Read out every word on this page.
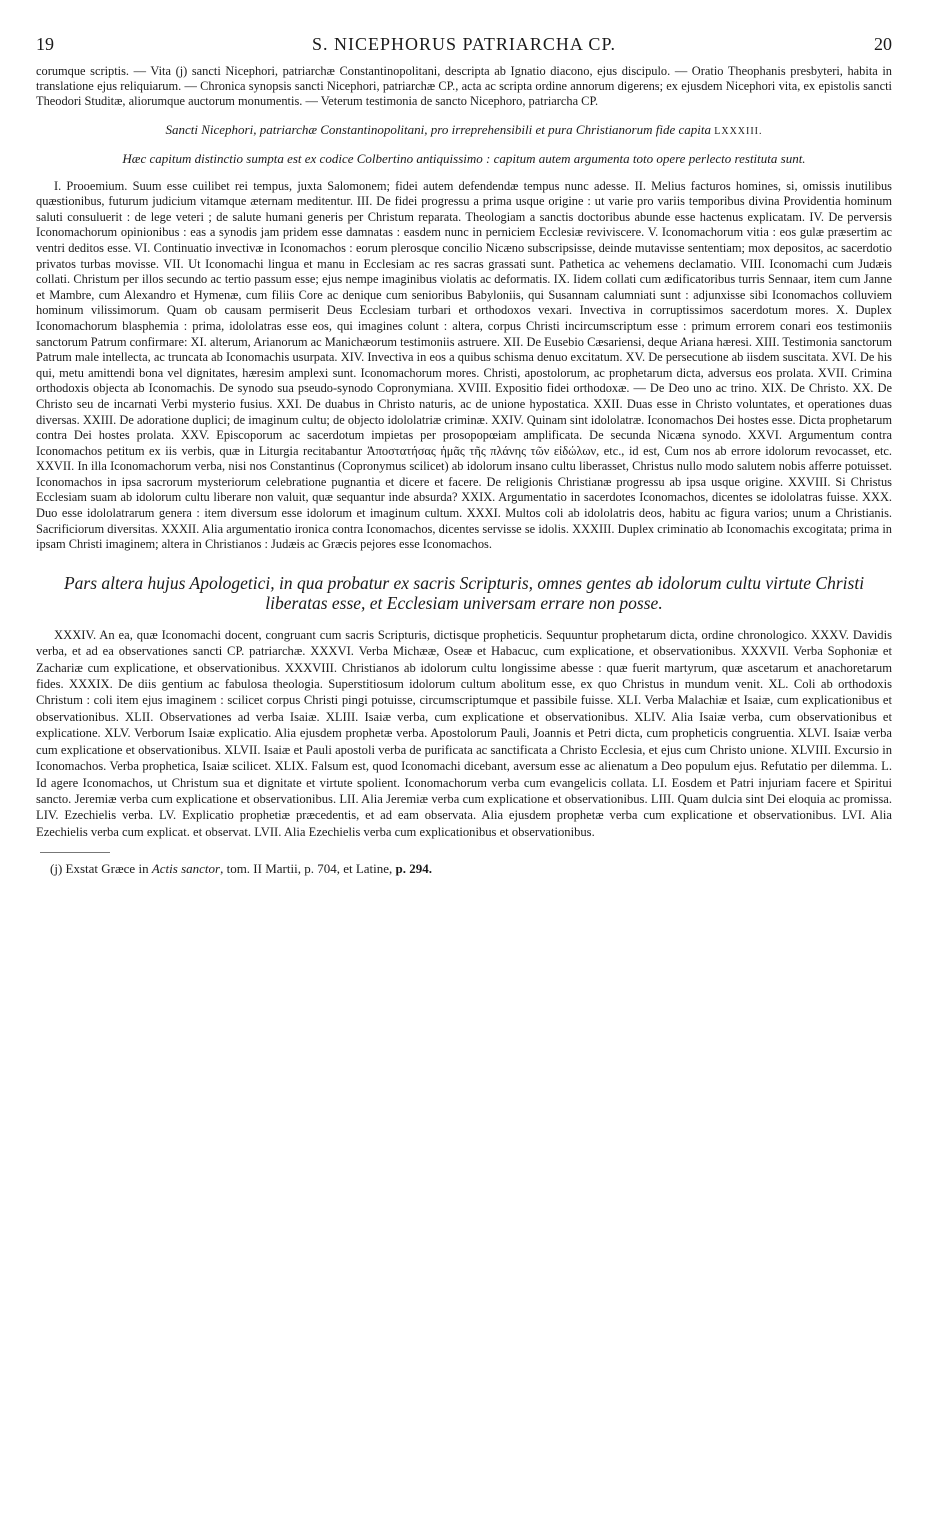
19	S. NICEPHORUS PATRIARCHA CP.	20

corumque scriptis. — Vita (j) sancti Nicephori, patriarchæ Constantinopolitani, descripta ab Ignatio diacono, ejus discipulo. — Oratio Theophanis presbyteri, habita in translatione ejus reliquiarum. — Chronica synopsis sancti Nicephori, patriarchæ CP., acta ac scripta ordine annorum digerens; ex ejusdem Nicephori vita, ex epistolis sancti Theodori Studitæ, aliorumque auctorum monumentis. — Veterum testimonia de sancto Nicephoro, patriarcha CP.

Sancti Nicephori, patriarchæ Constantinopolitani, pro irreprehensibili et pura Christianorum fide capita LXXXIII.

Hæc capitum distinctio sumpta est ex codice Colbertino antiquissimo : capitum autem argumenta toto opere perlecto restituta sunt.

I. Prooemium. Suum esse cuilibet rei tempus, juxta Salomonem; fidei autem defendendæ tempus nunc adesse. II. Melius facturos homines, si, omissis inutilibus quæstionibus, futurum judicium vitamque æternam meditentur. III. De fidei progressu a prima usque origine : ut varie pro variis temporibus divina Providentia hominum saluti consuluerit : de lege veteri ; de salute humani generis per Christum reparata. Theologiam a sanctis doctoribus abunde esse hactenus explicatam. IV. De perversis Iconomachorum opinionibus : eas a synodis jam pridem esse damnatas : easdem nunc in perniciem Ecclesiæ reviviscere. V. Iconomachorum vitia : eos gulæ præsertim ac ventri deditos esse. VI. Continuatio invectivæ in Iconomachos : eorum plerosque concilio Nicæno subscripsisse, deinde mutavisse sententiam; mox depositos, ac sacerdotio privatos turbas movisse. VII. Ut Iconomachi lingua et manu in Ecclesiam ac res sacras grassati sunt. Pathetica ac vehemens declamatio. VIII. Iconomachi cum Judæis collati. Christum per illos secundo ac tertio passum esse; ejus nempe imaginibus violatis ac deformatis. IX. Iidem collati cum ædificatoribus turris Sennaar, item cum Janne et Mambre, cum Alexandro et Hymenæ, cum filiis Core ac denique cum senioribus Babyloniis, qui Susannam calumniati sunt : adjunxisse sibi Iconomachos colluviem hominum vilissimorum. Quam ob causam permiserit Deus Ecclesiam turbari et orthodoxos vexari. Invectiva in corruptissimos sacerdotum mores. X. Duplex Iconomachorum blasphemia : prima, idololatras esse eos, qui imagines colunt : altera, corpus Christi incircumscriptum esse : primum errorem conari eos testimoniis sanctorum Patrum confirmare: XI. alterum, Arianorum ac Manichæorum testimoniis astruere. XII. De Eusebio Cæsariensi, deque Ariana hæresi. XIII. Testimonia sanctorum Patrum male intellecta, ac truncata ab Iconomachis usurpata. XIV. Invectiva in eos a quibus schisma denuo excitatum. XV. De persecutione ab iisdem suscitata. XVI. De his qui, metu amittendi bona vel dignitates, hæresim amplexi sunt. Iconomachorum mores. Christi, apostolorum, ac prophetarum dicta, adversus eos prolata. XVII. Crimina orthodoxis objecta ab Iconomachis. De synodo sua pseudo-synodo Copronymiana. XVIII. Expositio fidei orthodoxæ. — De Deo uno ac trino. XIX. De Christo. XX. De Christo seu de incarnati Verbi mysterio fusius. XXI. De duabus in Christo naturis, ac de unione hypostatica. XXII. Duas esse in Christo voluntates, et operationes duas diversas. XXIII. De adoratione duplici; de imaginum cultu; de objecto idololatriæ criminæ. XXIV. Quinam sint idololatræ. Iconomachos Dei hostes esse. Dicta prophetarum contra Dei hostes prolata. XXV. Episcoporum ac sacerdotum impietas per prosopopœiam amplificata. De secunda Nicæna synodo. XXVI. Argumentum contra Iconomachos petitum ex iis verbis, quæ in Liturgia recitabantur Ἀποστατήσας ἡμᾶς τῆς πλάνης τῶν εἰδώλων, etc., id est, Cum nos ab errore idolorum revocasset, etc. XXVII. In illa Iconomachorum verba, nisi nos Constantinus (Copronymus scilicet) ab idolorum insano cultu liberasset, Christus nullo modo salutem nobis afferre potuisset. Iconomachos in ipsa sacrorum mysteriorum celebratione pugnantia et dicere et facere. De religionis Christianæ progressu ab ipsa usque origine. XXVIII. Si Christus Ecclesiam suam ab idolorum cultu liberare non valuit, quæ sequantur inde absurda? XXIX. Argumentatio in sacerdotes Iconomachos, dicentes se idololatras fuisse. XXX. Duo esse idololatrarum genera : item diversum esse idolorum et imaginum cultum. XXXI. Multos coli ab idololatris deos, habitu ac figura varios; unum a Christianis. Sacrificiorum diversitas. XXXII. Alia argumentatio ironica contra Iconomachos, dicentes servisse se idolis. XXXIII. Duplex criminatio ab Iconomachis excogitata; prima in ipsam Christi imaginem; altera in Christianos : Judæis ac Græcis pejores esse Iconomachos.

Pars altera hujus Apologetici, in qua probatur ex sacris Scripturis, omnes gentes ab idolorum cultu virtute Christi liberatas esse, et Ecclesiam universam errare non posse.

XXXIV. An ea, quæ Iconomachi docent, congruant cum sacris Scripturis, dictisque propheticis. Sequuntur prophetarum dicta, ordine chronologico. XXXV. Davidis verba, et ad ea observationes sancti CP. patriarchæ. XXXVI. Verba Michææ, Oseæ et Habacuc, cum explicatione, et observationibus. XXXVII. Verba Sophoniæ et Zachariæ cum explicatione, et observationibus. XXXVIII. Christianos ab idolorum cultu longissime abesse : quæ fuerit martyrum, quæ ascetarum et anachoretarum fides. XXXIX. De diis gentium ac fabulosa theologia. Superstitiosum idolorum cultum abolitum esse, ex quo Christus in mundum venit. XL. Coli ab orthodoxis Christum : coli item ejus imaginem : scilicet corpus Christi pingi potuisse, circumscriptumque et passibile fuisse. XLI. Verba Malachiæ et Isaiæ, cum explicationibus et observationibus. XLII. Observationes ad verba Isaiæ. XLIII. Isaiæ verba, cum explicatione et observationibus. XLIV. Alia Isaiæ verba, cum observationibus et explicatione. XLV. Verborum Isaiæ explicatio. Alia ejusdem prophetæ verba. Apostolorum Pauli, Joannis et Petri dicta, cum propheticis congruentia. XLVI. Isaiæ verba cum explicatione et observationibus. XLVII. Isaiæ et Pauli apostoli verba de purificata ac sanctificata a Christo Ecclesia, et ejus cum Christo unione. XLVIII. Excursio in Iconomachos. Verba prophetica, Isaiæ scilicet. XLIX. Falsum est, quod Iconomachi dicebant, aversum esse ac alienatum a Deo populum ejus. Refutatio per dilemma. L. Id agere Iconomachos, ut Christum sua et dignitate et virtute spolient. Iconomachorum verba cum evangelicis collata. LI. Eosdem et Patri injuriam facere et Spiritui sancto. Jeremiæ verba cum explicatione et observationibus. LII. Alia Jeremiæ verba cum explicatione et observationibus. LIII. Quam dulcia sint Dei eloquia ac promissa. LIV. Ezechielis verba. LV. Explicatio prophetiæ præcedentis, et ad eam observata. Alia ejusdem prophetæ verba cum explicatione et observationibus. LVI. Alia Ezechielis verba cum explicat. et observat. LVII. Alia Ezechielis verba cum explicationibus et observationibus.

(j) Exstat Græce in Actis sanctor, tom. II Martii, p. 704, et Latine, p. 294.
